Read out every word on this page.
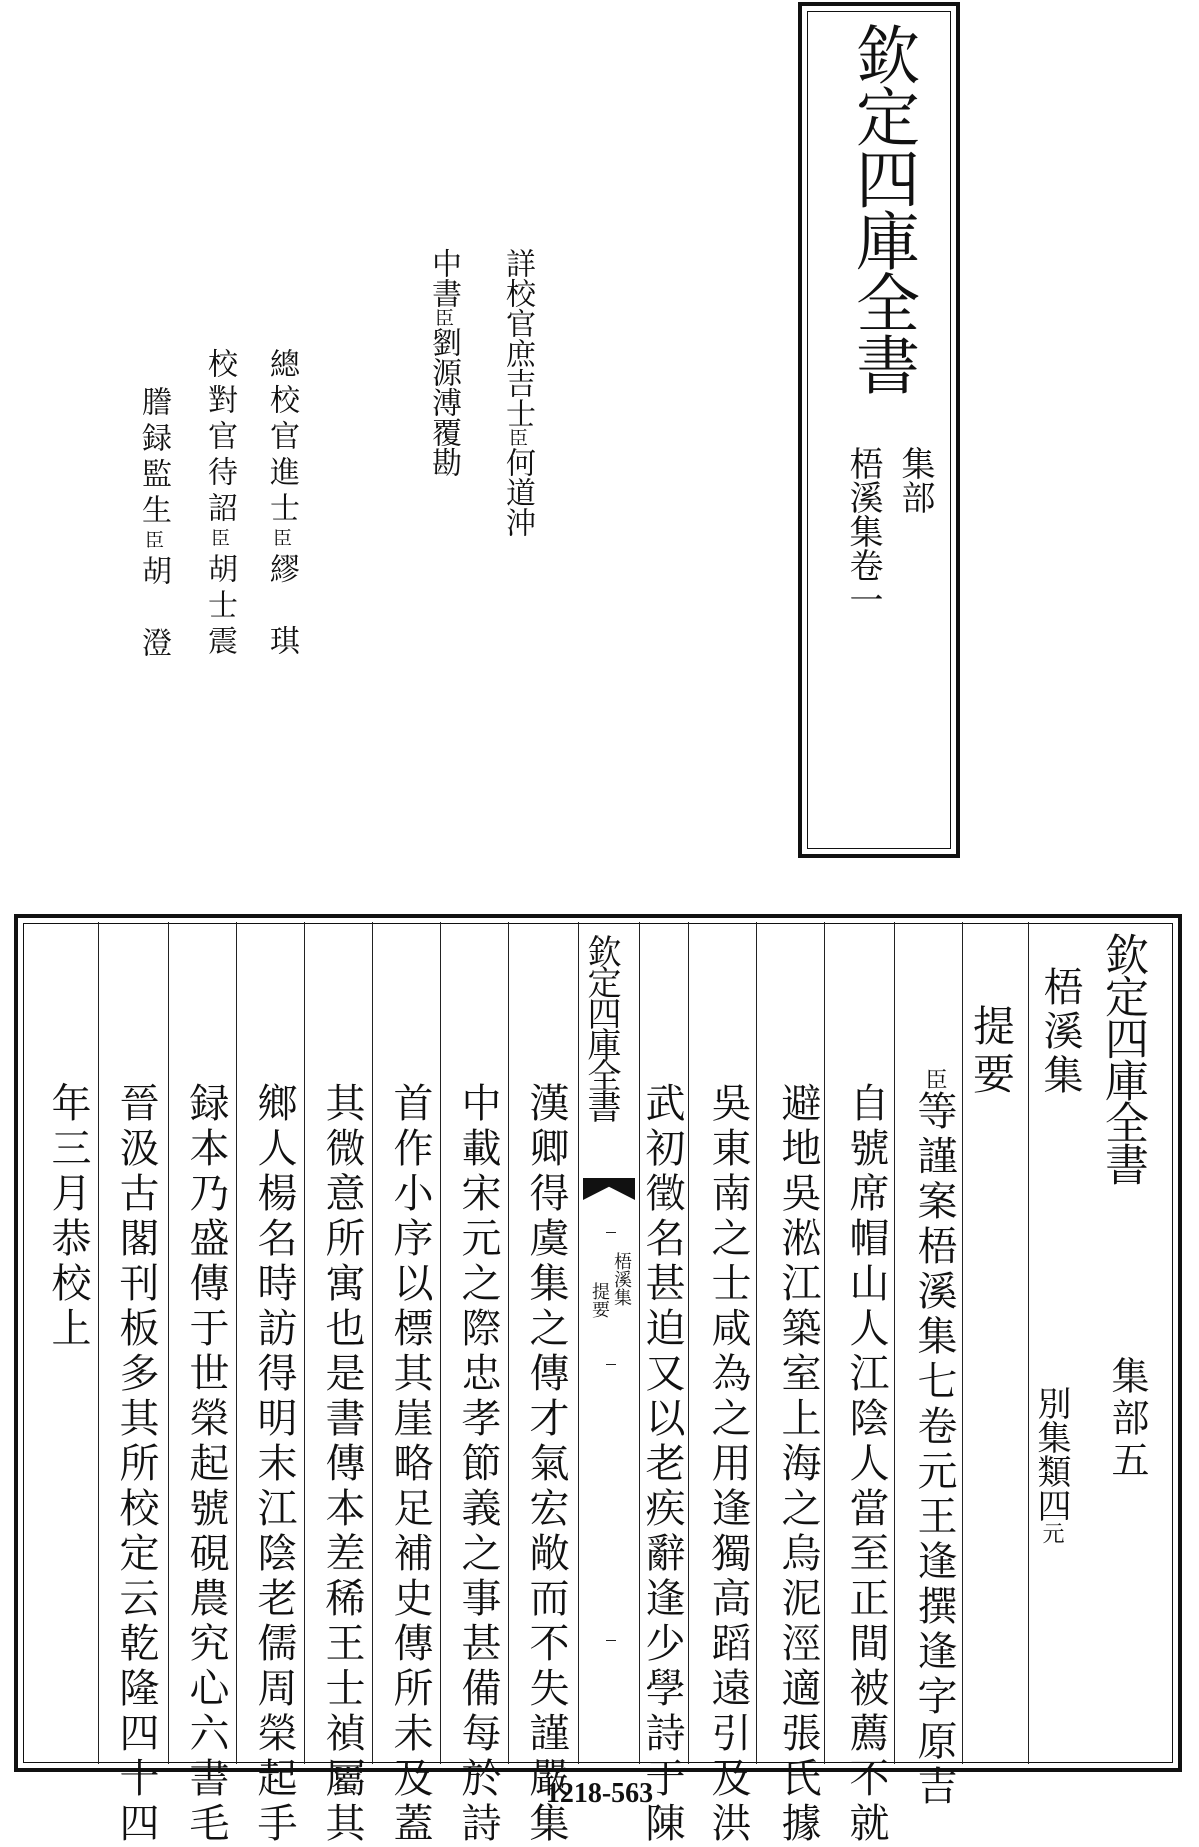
欽定四庫全書
集部
梧溪集卷一
詳校官庶吉士臣何道沖
中書臣劉源溥覆勘
總校官進士臣繆　琪
校對官待詔臣胡士震
謄録監生臣胡　澄
欽定四庫全書
集部五
梧溪集
別集類四元
提要
臣等謹案梧溪集七卷元王逢撰逢字原吉
自號席帽山人江陰人當至正間被薦不就
避地吳淞江築室上海之烏泥涇適張氏據
吳東南之士咸為之用逢獨高蹈遠引及洪
武初徵名甚迫又以老疾辭逢少學詩于陳
漢卿得虞集之傳才氣宏敞而不失謹嚴集
中載宋元之際忠孝節義之事甚備每於詩
首作小序以標其崖略足補史傳所未及蓋
其微意所寓也是書傳本差稀王士禎屬其
鄉人楊名時訪得明末江陰老儒周榮起手
録本乃盛傳于世榮起號硯農究心六書毛
晉汲古閣刊板多其所校定云乾隆四十四
年三月恭校上
欽定四庫全書
梧溪集
提要
1218-563
